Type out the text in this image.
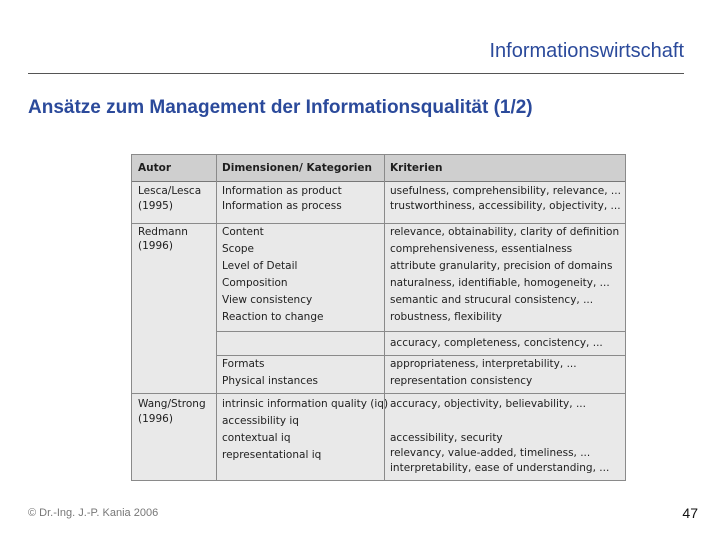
Informationswirtschaft
Ansätze zum Management der Informationsqualität (1/2)
Autor	Dimensionen/ Kategorien Kriterien
Lesca/Lesca
(1995)
Information as product
Information as process
usefulness, comprehensibility, relevance, ...
trustworthiness, accessibility, objectivity, ...
Redmann
(1996)
Content
Scope
Level of Detail
Composition
View consistency
Reaction to change
relevance, obtainability, clarity of definition
comprehensiveness, essentialness
attribute granularity, precision of domains
naturalness, identifiable, homogeneity, ...
semantic and strucural consistency, ...
robustness, flexibility
accuracy, completeness, concistency, ...
Formats
Physical instances
appropriateness, interpretability, ...
representation consistency
Wang/Strong
(1996)
intrinsic information quality (iq)
accessibility iq
contextual iq
representational iq
accuracy, objectivity, believability, ...
accessibility, security
relevancy, value-added, timeliness, ...
interpretability, ease of understanding, ...
© Dr.-Ing. J.-P. Kania 2006	47
